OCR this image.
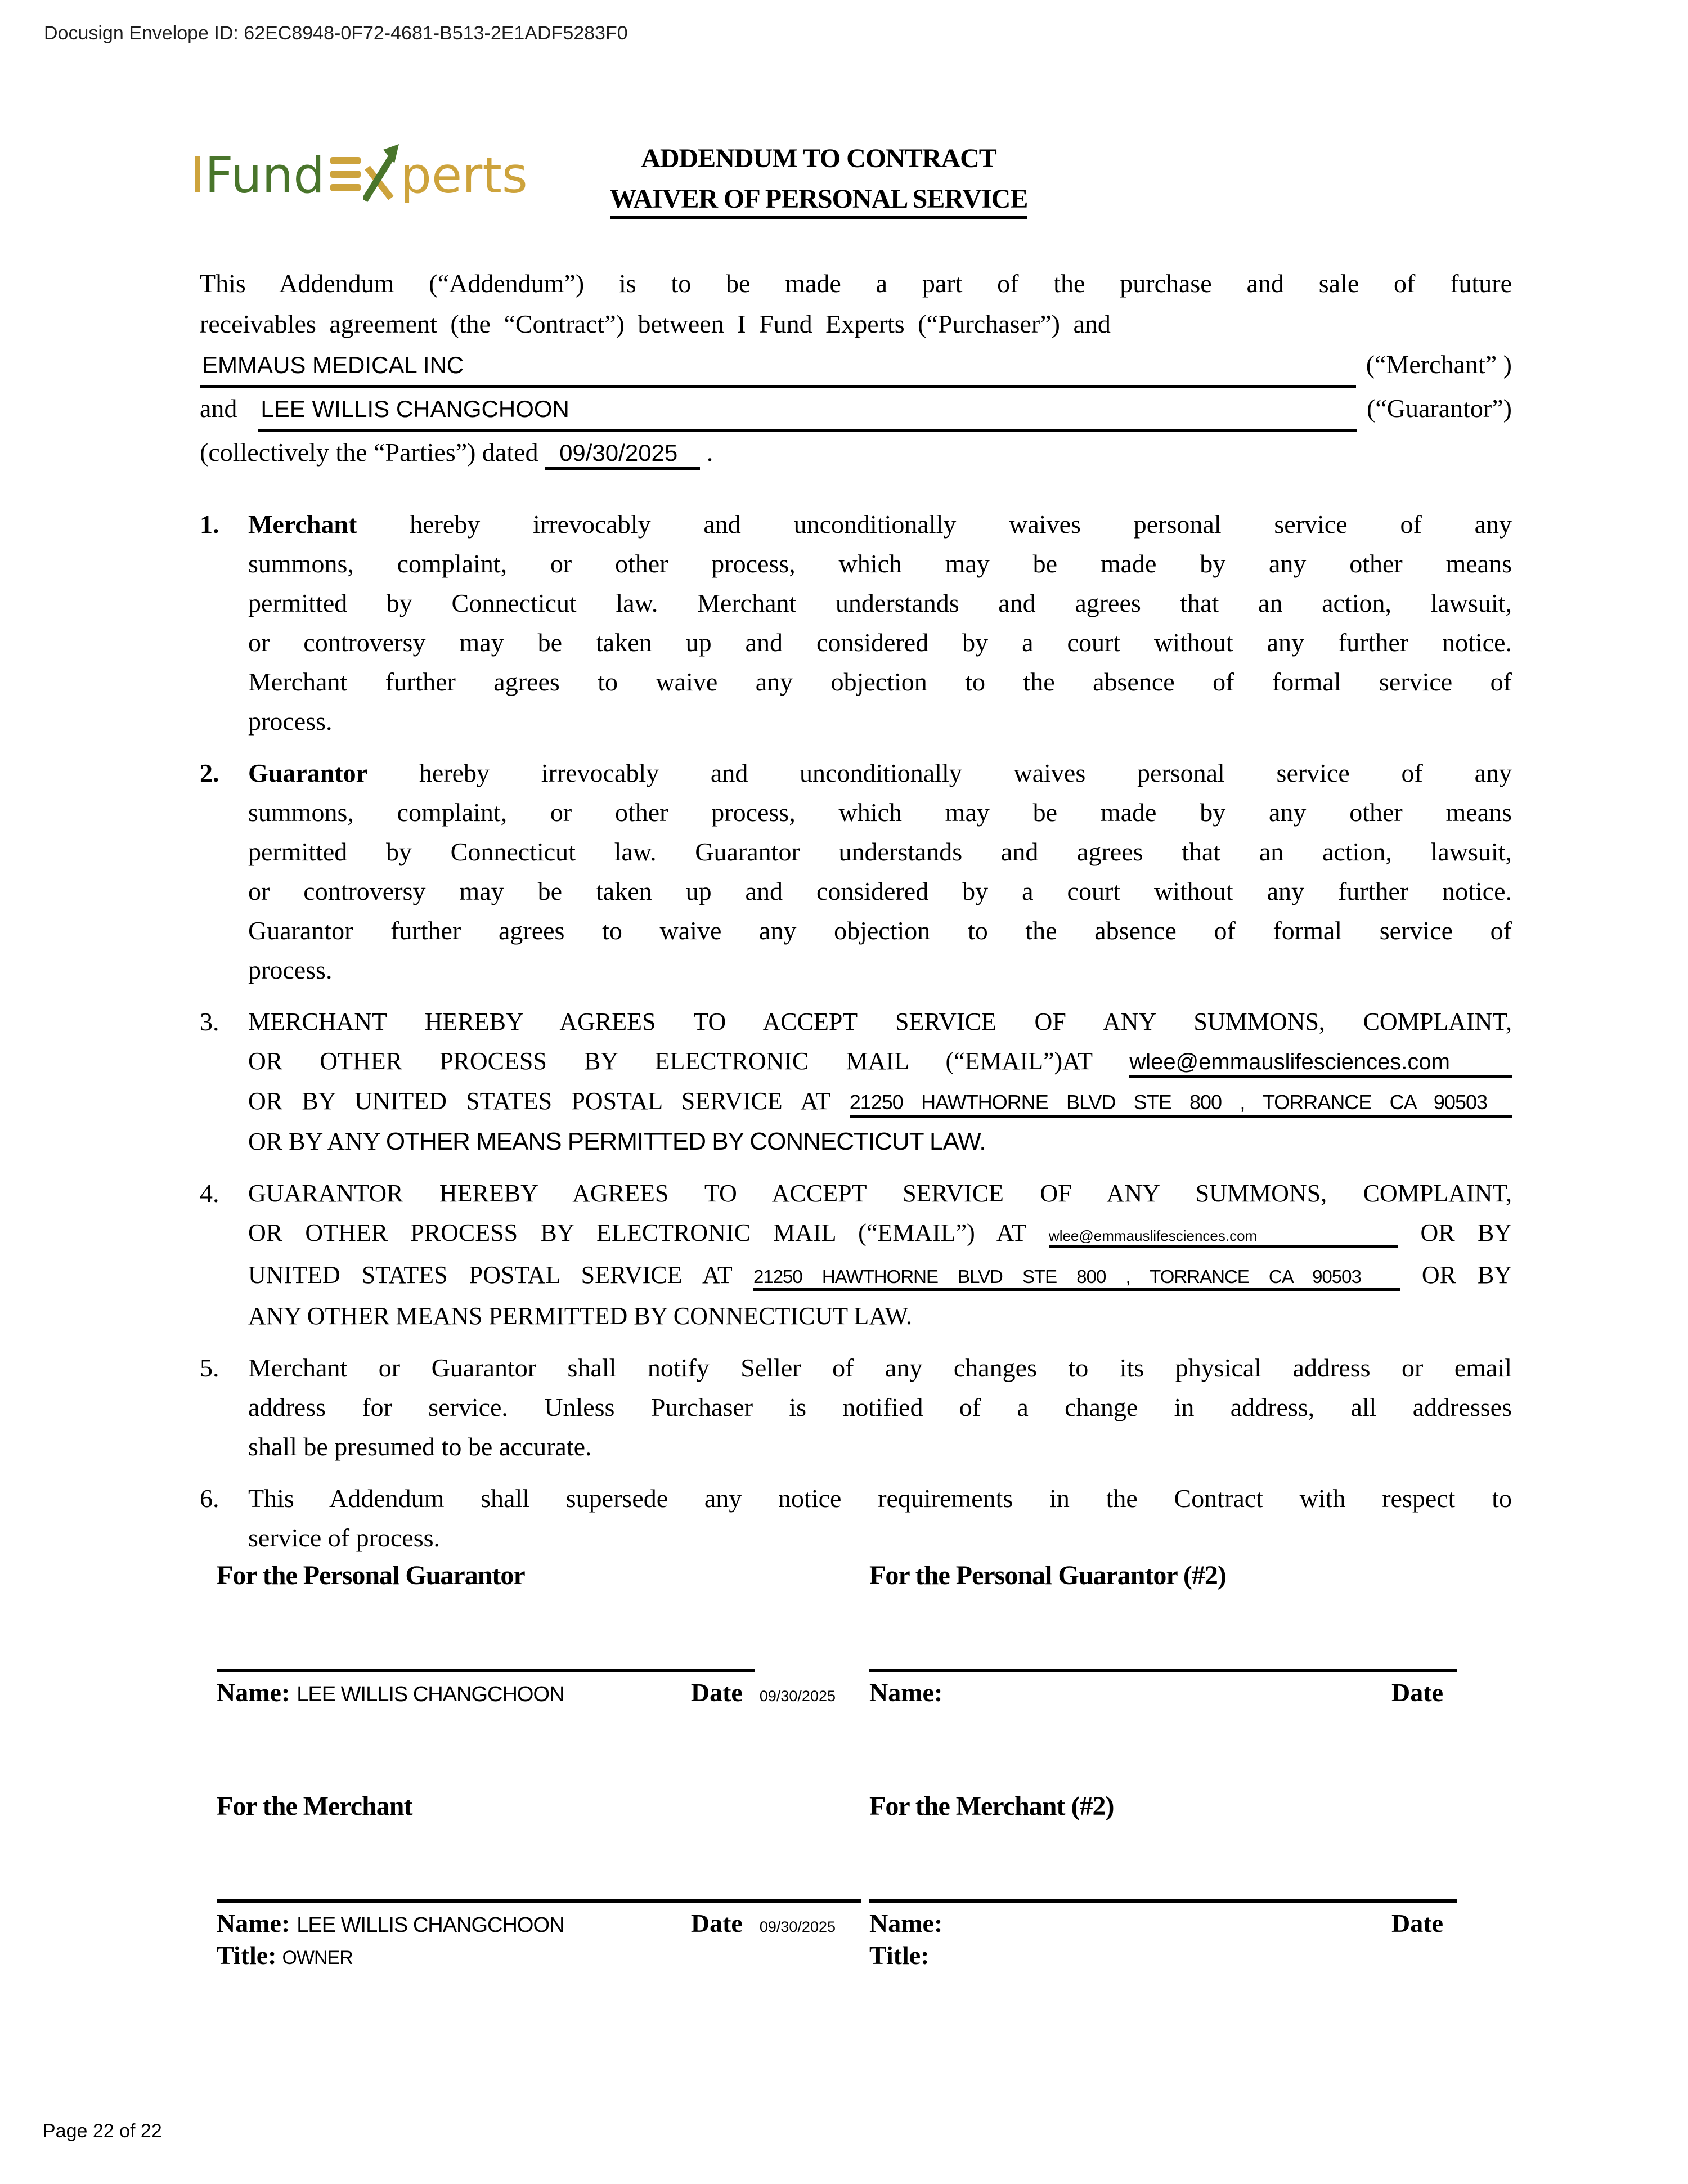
Docusign Envelope ID: 62EC8948-0F72-4681-B513-2E1ADF5283F0
I Fund perts	ADDENDUM TO CONTRACT
WAIVER OF PERSONAL SERVICE
This Addendum (“Addendum”) is to be made a part of the purchase and sale of future
receivables agreement (the “Contract”) between I Fund Experts (“Purchaser”) and
EMMAUS MEDICAL INC	(“Merchant” )
and LEE WILLIS CHANGCHOON	(“Guarantor”)
(collectively the “Parties”) dated 09/30/2025 .
1.	Merchant hereby irrevocably and unconditionally waives personal service of any
summons, complaint, or other process, which may be made by any other means
permitted by Connecticut law. Merchant understands and agrees that an action, lawsuit,
or controversy may be taken up and considered by a court without any further notice.
Merchant further agrees to waive any objection to the absence of formal service of
process.
2.	Guarantor hereby irrevocably and unconditionally waives personal service of any
summons, complaint, or other process, which may be made by any other means
permitted by Connecticut law. Guarantor understands and agrees that an action, lawsuit,
or controversy may be taken up and considered by a court without any further notice.
Guarantor further agrees to waive any objection to the absence of formal service of
process.
3.	MERCHANT HEREBY AGREES TO ACCEPT SERVICE OF ANY SUMMONS, COMPLAINT,
OR OTHER PROCESS BY ELECTRONIC MAIL (“EMAIL”)AT wlee@emmauslifesciences.com
OR BY UNITED STATES POSTAL SERVICE AT 21250 HAWTHORNE BLVD STE 800 , TORRANCE CA 90503
OR BY ANY OTHER MEANS PERMITTED BY CONNECTICUT LAW.
4.	GUARANTOR HEREBY AGREES TO ACCEPT SERVICE OF ANY SUMMONS, COMPLAINT,
OR OTHER PROCESS BY ELECTRONIC MAIL (“EMAIL”) AT wlee@emmauslifesciences.com	OR BY
UNITED STATES POSTAL SERVICE AT 21250 HAWTHORNE BLVD STE 800 , TORRANCE CA 90503 OR BY
ANY OTHER MEANS PERMITTED BY CONNECTICUT LAW.
5.	Merchant or Guarantor shall notify Seller of any changes to its physical address or email
address for service. Unless Purchaser is notified of a change in address, all addresses
shall be presumed to be accurate.
6.	This Addendum shall supersede any notice requirements in the Contract with respect to
service of process.
For the Personal Guarantor
Name: LEE WILLIS CHANGCHOON	Date 09/30/2025
For the Personal Guarantor (#2)
Name:	Date
For the Merchant
Name: LEE WILLIS CHANGCHOON	Date 09/30/2025
Title: OWNER
For the Merchant (#2)
Name:	Date
Title:
Page 22 of 22
